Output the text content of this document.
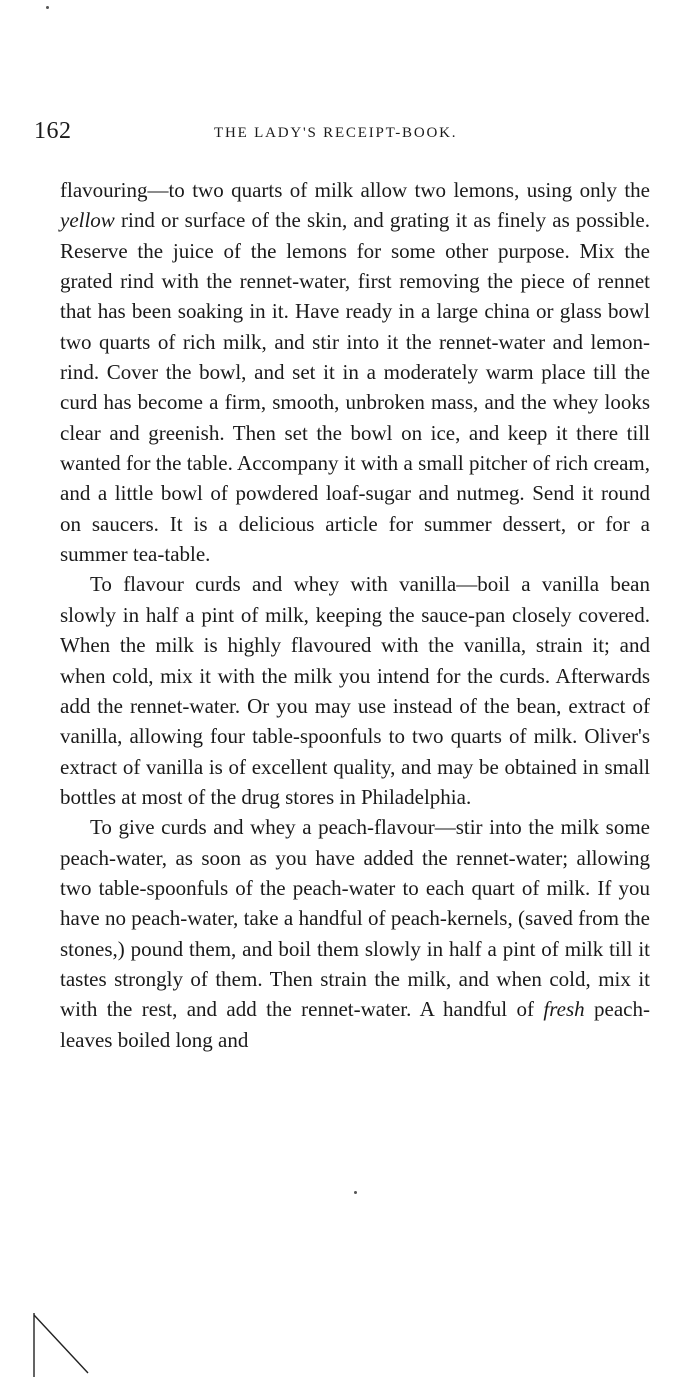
162	THE LADY'S RECEIPT-BOOK.

flavouring—to two quarts of milk allow two lemons, using only the yellow rind or surface of the skin, and grating it as finely as possible. Reserve the juice of the lemons for some other purpose. Mix the grated rind with the rennet-water, first removing the piece of rennet that has been soaking in it. Have ready in a large china or glass bowl two quarts of rich milk, and stir into it the rennet-water and lemon-rind. Cover the bowl, and set it in a moderately warm place till the curd has become a firm, smooth, unbroken mass, and the whey looks clear and greenish. Then set the bowl on ice, and keep it there till wanted for the table. Accompany it with a small pitcher of rich cream, and a little bowl of powdered loaf-sugar and nutmeg. Send it round on saucers. It is a delicious article for summer dessert, or for a summer tea-table.

To flavour curds and whey with vanilla—boil a vanilla bean slowly in half a pint of milk, keeping the sauce-pan closely covered. When the milk is highly flavoured with the vanilla, strain it; and when cold, mix it with the milk you intend for the curds. Afterwards add the rennet-water. Or you may use instead of the bean, extract of vanilla, allowing four table-spoonfuls to two quarts of milk. Oliver's extract of vanilla is of excellent quality, and may be obtained in small bottles at most of the drug stores in Philadelphia.

To give curds and whey a peach-flavour—stir into the milk some peach-water, as soon as you have added the rennet-water; allowing two table-spoonfuls of the peach-water to each quart of milk. If you have no peach-water, take a handful of peach-kernels, (saved from the stones,) pound them, and boil them slowly in half a pint of milk till it tastes strongly of them. Then strain the milk, and when cold, mix it with the rest, and add the rennet-water. A handful of fresh peach-leaves boiled long and
